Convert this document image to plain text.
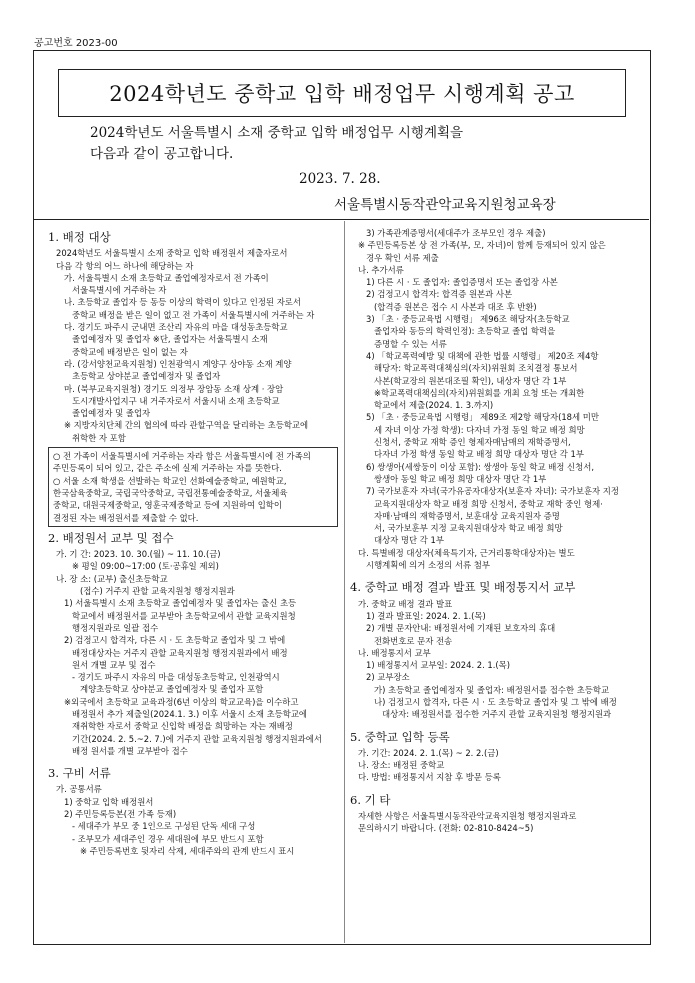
공고번호 2023-00
2024학년도 중학교 입학 배정업무 시행계획 공고
2024학년도 서울특별시 소재 중학교 입학 배정업무 시행계획을
다음과 같이 공고합니다.
2023. 7. 28.
서울특별시동작관악교육지원청교육장
1. 배정 대상
2024학년도 서울특별시 소재 중학교 입학 배정원서 제출자로서
다음 각 항의 어느 하나에 해당하는 자
가. 서울특별시 소재 초등학교 졸업예정자로서 전 가족이
서울특별시에 거주하는 자
나. 초등학교 졸업자 등 동등 이상의 학력이 있다고 인정된 자로서
중학교 배정을 받은 일이 없고 전 가족이 서울특별시에 거주하는 자
다. 경기도 파주시 군내면 조산리 자유의 마을 대성동초등학교
졸업예정자 및 졸업자 ※단, 졸업자는 서울특별시 소재
중학교에 배정받은 일이 없는 자
라. (강서양천교육지원청) 인천광역시 계양구 상야동 소재 계양
초등학교 상야분교 졸업예정자 및 졸업자
마. (북부교육지원청) 경기도 의정부 장암동 소재 상계 · 장암
도시개발사업지구 내 거주자로서 서울시내 소재 초등학교
졸업예정자 및 졸업자
※ 지방자치단체 간의 협의에 따라 관할구역을 달리하는 초등학교에
취학한 자 포함
○ 전 가족이 서울특별시에 거주하는 자라 함은 서울특별시에 전 가족의
주민등록이 되어 있고, 같은 주소에 실제 거주하는 자를 뜻한다.
○ 서울 소재 학생을 선발하는 학교인 선화예술중학교, 예원학교,
한국삼육중학교, 국립국악중학교, 국립전통예술중학교, 서울체육
중학교, 대원국제중학교, 영훈국제중학교 등에 지원하여 입학이
결정된 자는 배정원서를 제출할 수 없다.
2. 배정원서 교부 및 접수
가. 기 간: 2023. 10. 30.(월) ~ 11. 10.(금)
※ 평일 09:00~17:00 (토·공휴일 제외)
나. 장 소: (교부) 출신초등학교
(접수) 거주지 관할 교육지원청 행정지원과
1) 서울특별시 소재 초등학교 졸업예정자 및 졸업자는 출신 초등
학교에서 배정원서를 교부받아 초등학교에서 관할 교육지원청
행정지원과로 일괄 접수
2) 검정고시 합격자, 다른 시 · 도 초등학교 졸업자 및 그 밖에
배정대상자는 거주지 관할 교육지원청 행정지원과에서 배정
원서 개별 교부 및 접수
- 경기도 파주시 자유의 마을 대성동초등학교, 인천광역시
계양초등학교 상야분교 졸업예정자 및 졸업자 포함
※외국에서 초등학교 교육과정(6년 이상의 학교교육)을 이수하고
배정원서 추가 제출일(2024.1. 3.) 이후 서울시 소재 초등학교에
재취학한 자로서 중학교 신입학 배정을 희망하는 자는 재배정
기간(2024. 2. 5.~2. 7.)에 거주지 관할 교육지원청 행정지원과에서
배정 원서를 개별 교부받아 접수
3. 구비 서류
가. 공통서류
1) 중학교 입학 배정원서
2) 주민등록등본(전 가족 등재)
- 세대주가 부모 중 1인으로 구성된 단독 세대 구성
- 조부모가 세대주인 경우 세대원에 부모 반드시 포함
※ 주민등록번호 뒷자리 삭제, 세대주와의 관계 반드시 표시
3) 가족관계증명서(세대주가 조부모인 경우 제출)
※ 주민등록등본 상 전 가족(부, 모, 자녀)이 함께 등재되어 있지 않은
경우 확인 서류 제출
나. 추가서류
1) 다른 시 · 도 졸업자: 졸업증명서 또는 졸업장 사본
2) 검정고시 합격자: 합격증 원본과 사본
(합격증 원본은 접수 시 사본과 대조 후 반환)
3) 「초 · 중등교육법 시행령」 제96조 해당자(초등학교
졸업자와 동등의 학력인정): 초등학교 졸업 학력을
증명할 수 있는 서류
4) 「학교폭력예방 및 대책에 관한 법률 시행령」 제20조 제4항
해당자: 학교폭력대책심의(자치)위원회 조치결정 통보서
사본(학교장의 원본대조필 확인), 내상자 명단 각 1부
※학교폭력대책심의(자치)위원회를 개최 요청 또는 개최한
학교에서 제출(2024. 1. 3.까지)
5) 「초 · 중등교육법 시행령」 제89조 제2항 해당자(18세 미만
세 자녀 이상 가정 학생): 다자녀 가정 동일 학교 배정 희망
신청서, 중학교 재학 증인 형제자매남매의 재학증명서,
다자녀 가정 학생 동일 학교 배정 희망 대상자 명단 각 1부
6) 쌍생아(세쌍둥이 이상 포함): 쌍생아 동일 학교 배정 신청서,
쌍생아 동일 학교 배정 희망 대상자 명단 각 1부
7) 국가보훈자 자녀(국가유공자대상자(보훈자 자녀): 국가보훈자 지정
교육지원대상자 학교 배정 희망 신청서, 중학교 재학 중인 형제·
자매·남매의 재학증명서, 보훈대상 교육지원자 증명
서, 국가보훈부 지정 교육지원대상자 학교 배정 희망
대상자 명단 각 1부
다. 특별배정 대상자(체육특기자, 근거리통학대상자)는 별도
시행계획에 의거 소정의 서류 첨부
4. 중학교 배정 결과 발표 및 배정통지서 교부
가. 중학교 배정 결과 발표
1) 결과 발표일: 2024. 2. 1.(목)
2) 개별 문자안내: 배정원서에 기재된 보호자의 휴대
전화번호로 문자 전송
나. 배정통지서 교부
1) 배정통지서 교부일: 2024. 2. 1.(목)
2) 교부장소
가) 초등학교 졸업예정자 및 졸업자: 배정원서를 접수한 초등학교
나) 검정고시 합격자, 다른 시 · 도 초등학교 졸업자 및 그 밖에 배정
대상자: 배정원서를 접수한 거주지 관할 교육지원청 행정지원과
5. 중학교 입학 등록
가. 기간: 2024. 2. 1.(목) ~ 2. 2.(금)
나. 장소: 배정된 중학교
다. 방법: 배정통지서 지참 후 방문 등록
6. 기 타
자세한 사항은 서울특별시동작관악교육지원청 행정지원과로
문의하시기 바랍니다. (전화: 02-810-8424~5)
